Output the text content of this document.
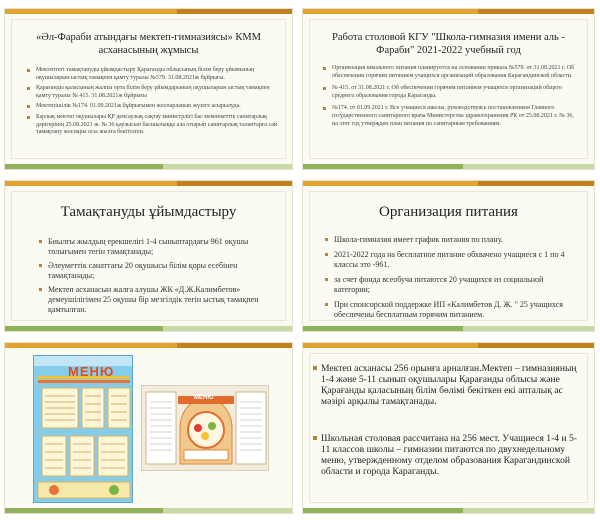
«Әл-Фараби атындағы мектеп-гимназиясы» КММ асханасының жұмысы
Мектептегі тамақтануды ұйымдастыру Қарағанды облысының білім беру ұйымының оқушыларын ыстық тамақпен қамту туралы №579. 31.08.2021ж бұйрығы.
Қарағанды қаласының жалпы орта білім беру ұйымдарының оқушыларын ыстық тамақпен қамту туралы № 415. 31.08.2021ж бұйрығы
Мектепішілік №174. 01.09.2021ж бұйрығымен жоспарланып жүзеге асырылуда.
Барлық мектеп оқушылары ҚР денсаулық сақтау министрлігі бас мемлекеттік санитарлық дәрігерінің 25.08.2021 ж. № 36 қаулысын басшылыққа ала отырып санитарлық талаптарға сай тамақтану жоспары осы жылға бекітілген.
Работа столовой КГУ "Школа-гимназия имени аль - Фараби" 2021-2022 учебный год
Организация школьного питания планируется на основании приказа №579. от 31.08.2021 г. Об обеспечении горячим питанием учащихся организаций образования Карагандинской области.
№ 415. от 31.08.2021 г. Об обеспечении горячим питанием учащихся организаций общего среднего образования города Караганды.
№174. от 01.09.2021 г. Все учащиеся школы, руководствуясь постановлением Главного государственного санитарного врача Министерства здравоохранения РК от 25.08.2021 г. № 36, на этот год утвержден план питания по санитарным требованиям.
Тамақтануды ұйымдастыру
Биылғы жылдың ерекшелігі 1-4 сыныптардағы 961 оқушы толығымен тегін тамақтанады;
Әлеуметтік санаттағы 20 оқушысы білім қоры есебінен тамақтанады;
Мектеп асханасын жалға алушы ЖК «Д.Ж.Калимбетов» демеушілігімен 25 оқушы бір мезгілдік тегін ыстық тамақпен қамтылған.
Организация питания
Школа-гимназия имеет график питания по плану.
2021-2022 года на бесплатное питание обхвачено учащиеся с 1 по 4 классы это -961.
за счет фонда всеобуча питаются 20 учащихся из социальной категории;
При спонсорской поддержке ИП «Калимбетов Д. Ж. " 25 учащихся обеспечены бесплатным горячим питанием.
МЕНЮ
МЕНЮ
Мектеп асханасы 256 орынға арналған.Мектеп – гимназияның 1-4 және 5-11 сынып оқушылары Қарағанды облысы және Қарағанды қаласының білім бөлімі бекіткен екі апталық ас мәзірі арқылы тамақтанады.
Школьная столовая рассчитана на 256 мест. Учащиеся 1-4 и 5-11 классов школы – гимназии питаются по двухнедельному меню, утвержденному отделом образования Карагандинской области и города Караганды.
